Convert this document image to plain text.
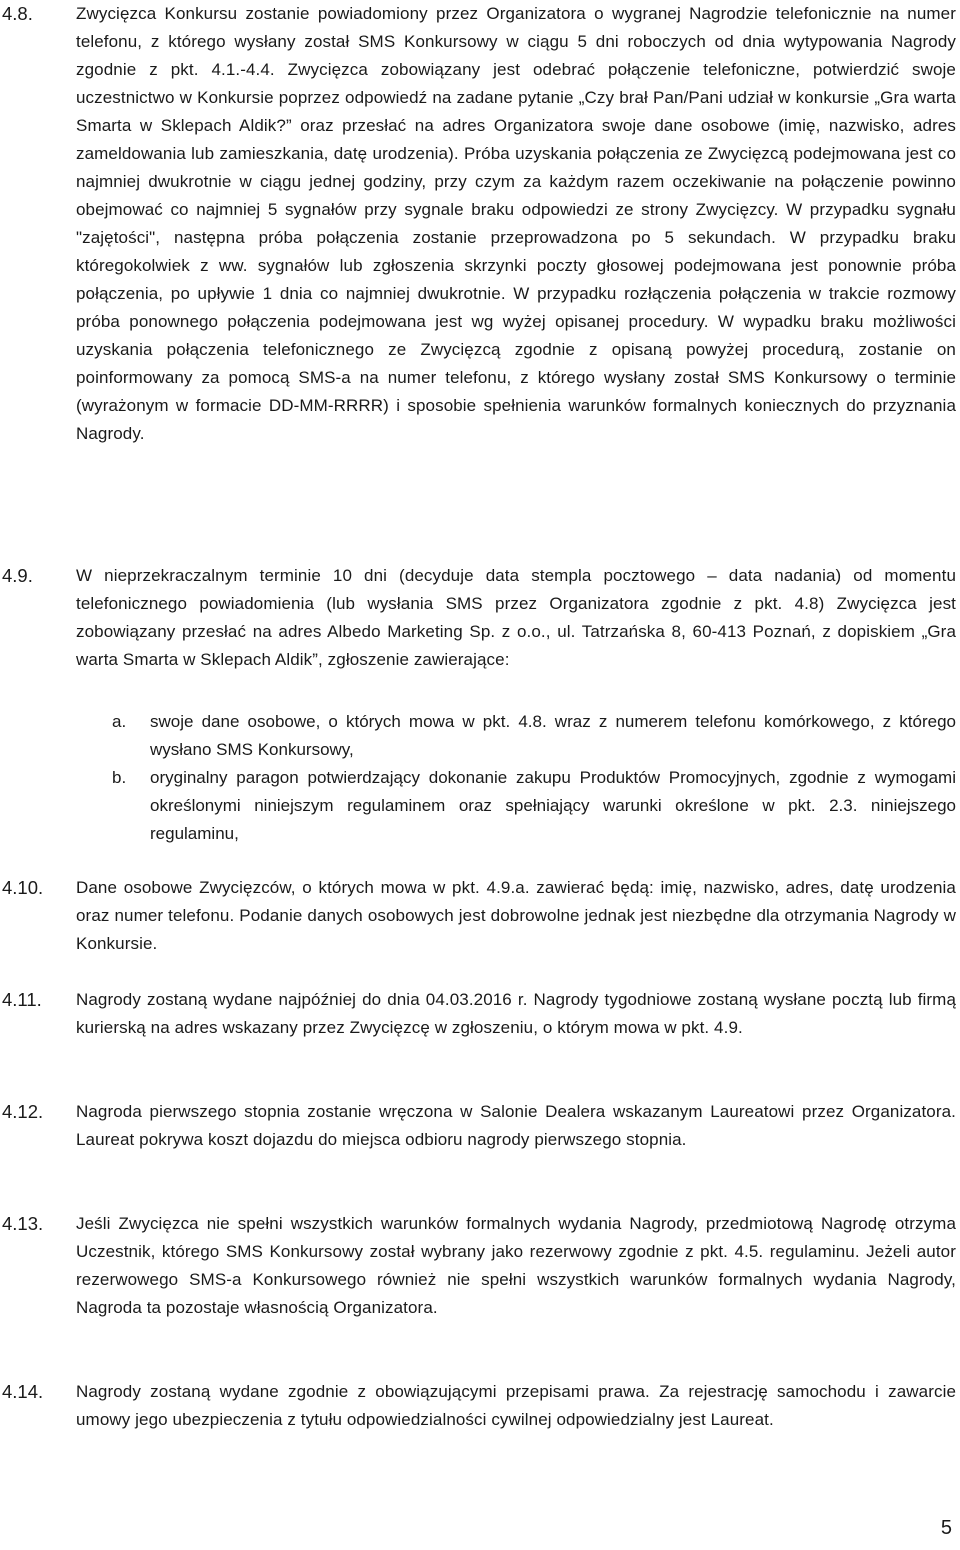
4.8.	Zwycięzca Konkursu zostanie powiadomiony przez Organizatora o wygranej Nagrodzie telefonicznie na numer telefonu, z którego wysłany został SMS Konkursowy w ciągu 5 dni roboczych od dnia wytypowania Nagrody zgodnie z pkt. 4.1.-4.4. Zwycięzca zobowiązany jest odebrać połączenie telefoniczne, potwierdzić swoje uczestnictwo w Konkursie poprzez odpowiedź na zadane pytanie „Czy brał Pan/Pani udział w konkursie „Gra warta Smarta w Sklepach Aldik?” oraz przesłać na adres Organizatora swoje dane osobowe (imię, nazwisko, adres zameldowania lub zamieszkania, datę urodzenia). Próba uzyskania połączenia ze Zwycięzcą podejmowana jest co najmniej dwukrotnie w ciągu jednej godziny, przy czym za każdym razem oczekiwanie na połączenie powinno obejmować co najmniej 5 sygnałów przy sygnale braku odpowiedzi ze strony Zwycięzcy. W przypadku sygnału "zajętości", następna próba połączenia zostanie przeprowadzona po 5 sekundach. W przypadku braku któregokolwiek z ww. sygnałów lub zgłoszenia skrzynki poczty głosowej podejmowana jest ponownie próba połączenia, po upływie 1 dnia co najmniej dwukrotnie. W przypadku rozłączenia połączenia w trakcie rozmowy próba ponownego połączenia podejmowana jest wg wyżej opisanej procedury. W wypadku braku możliwości uzyskania połączenia telefonicznego ze Zwycięzcą zgodnie z opisaną powyżej procedurą, zostanie on poinformowany za pomocą SMS-a na numer telefonu, z którego wysłany został SMS Konkursowy o terminie (wyrażonym w formacie DD-MM-RRRR) i sposobie spełnienia warunków formalnych koniecznych do przyznania Nagrody.
4.9.	W nieprzekraczalnym terminie 10 dni (decyduje data stempla pocztowego – data nadania) od momentu telefonicznego powiadomienia (lub wysłania SMS przez Organizatora zgodnie z pkt. 4.8) Zwycięzca jest zobowiązany przesłać na adres Albedo Marketing Sp. z o.o., ul. Tatrzańska 8, 60-413 Poznań, z dopiskiem „Gra warta Smarta w Sklepach Aldik”, zgłoszenie zawierające:
a. swoje dane osobowe, o których mowa w pkt. 4.8. wraz z numerem telefonu komórkowego, z którego wysłano SMS Konkursowy,
b. oryginalny paragon potwierdzający dokonanie zakupu Produktów Promocyjnych, zgodnie z wymogami określonymi niniejszym regulaminem oraz spełniający warunki określone w pkt. 2.3. niniejszego regulaminu,
4.10. Dane osobowe Zwycięzców, o których mowa w pkt. 4.9.a. zawierać będą: imię, nazwisko, adres, datę urodzenia oraz numer telefonu. Podanie danych osobowych jest dobrowolne jednak jest niezbędne dla otrzymania Nagrody w Konkursie.
4.11. Nagrody zostaną wydane najpóźniej do dnia 04.03.2016 r. Nagrody tygodniowe zostaną wysłane pocztą lub firmą kurierską na adres wskazany przez Zwycięzcę w zgłoszeniu, o którym mowa w pkt. 4.9.
4.12. Nagroda pierwszego stopnia zostanie wręczona w Salonie Dealera wskazanym Laureatowi przez Organizatora. Laureat pokrywa koszt dojazdu do miejsca odbioru nagrody pierwszego stopnia.
4.13. Jeśli Zwycięzca nie spełni wszystkich warunków formalnych wydania Nagrody, przedmiotową Nagrodę otrzyma Uczestnik, którego SMS Konkursowy został wybrany jako rezerwowy zgodnie z pkt. 4.5. regulaminu. Jeżeli autor rezerwowego SMS-a Konkursowego również nie spełni wszystkich warunków formalnych wydania Nagrody, Nagroda ta pozostaje własnością Organizatora.
4.14. Nagrody zostaną wydane zgodnie z obowiązującymi przepisami prawa. Za rejestrację samochodu i zawarcie umowy jego ubezpieczenia z tytułu odpowiedzialności cywilnej odpowiedzialny jest Laureat.
5
